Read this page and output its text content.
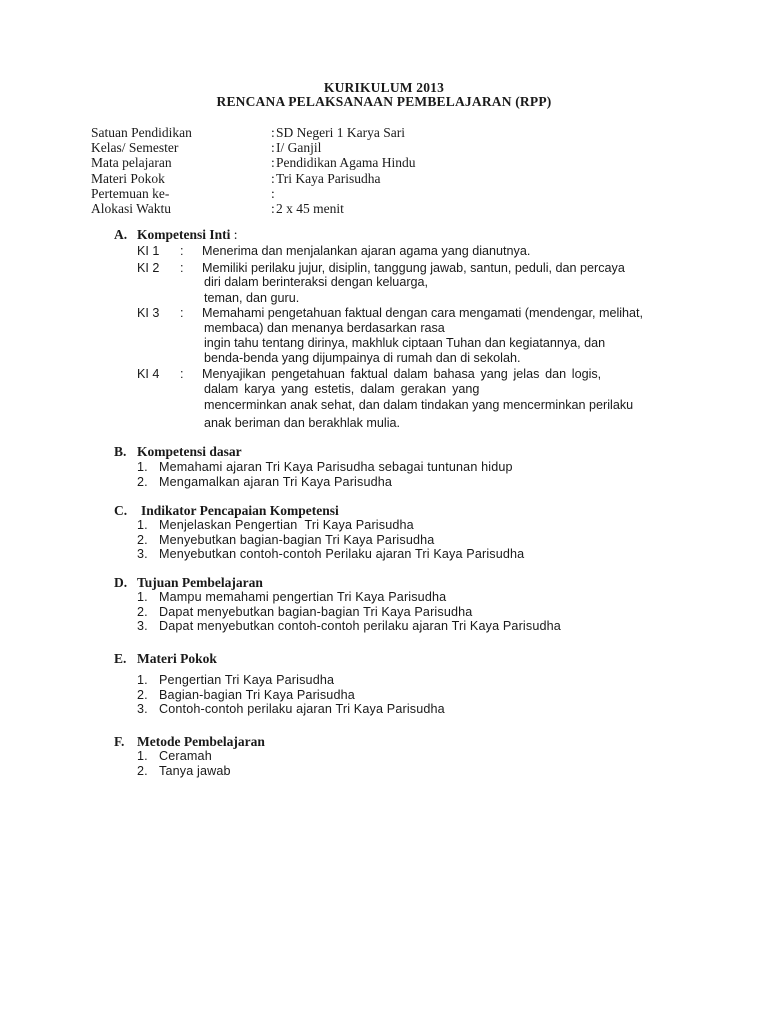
KURIKULUM 2013
RENCANA PELAKSANAAN PEMBELAJARAN (RPP)
Satuan Pendidikan	: SD Negeri 1 Karya Sari
Kelas/ Semester	: I/ Ganjil
Mata pelajaran	: Pendidikan Agama Hindu
Materi Pokok	: Tri Kaya Parisudha
Pertemuan ke-	:
Alokasi Waktu	: 2 x 45 menit
A. Kompetensi Inti :
KI 1 : Menerima dan menjalankan ajaran agama yang dianutnya.
KI 2 : Memiliki perilaku jujur, disiplin, tanggung jawab, santun, peduli, dan percaya
diri dalam berinteraksi dengan keluarga,
teman, dan guru.
KI 3 : Memahami pengetahuan faktual dengan cara mengamati (mendengar, melihat,
membaca) dan menanya berdasarkan rasa
ingin tahu tentang dirinya, makhluk ciptaan Tuhan dan kegiatannya, dan
benda-benda yang dijumpainya di rumah dan di sekolah.
KI 4 : Menyajikan pengetahuan faktual dalam bahasa yang jelas dan logis,
dalam karya yang estetis, dalam gerakan yang
mencerminkan anak sehat, dan dalam tindakan yang mencerminkan perilaku
anak beriman dan berakhlak mulia.
B. Kompetensi dasar
1. Memahami ajaran Tri Kaya Parisudha sebagai tuntunan hidup
2. Mengamalkan ajaran Tri Kaya Parisudha
C. Indikator Pencapaian Kompetensi
1. Menjelaskan Pengertian  Tri Kaya Parisudha
2. Menyebutkan bagian-bagian Tri Kaya Parisudha
3. Menyebutkan contoh-contoh Perilaku ajaran Tri Kaya Parisudha
D. Tujuan Pembelajaran
1. Mampu memahami pengertian Tri Kaya Parisudha
2. Dapat menyebutkan bagian-bagian Tri Kaya Parisudha
3. Dapat menyebutkan contoh-contoh perilaku ajaran Tri Kaya Parisudha
E. Materi Pokok
1. Pengertian Tri Kaya Parisudha
2. Bagian-bagian Tri Kaya Parisudha
3. Contoh-contoh perilaku ajaran Tri Kaya Parisudha
F. Metode Pembelajaran
1. Ceramah
2. Tanya jawab
